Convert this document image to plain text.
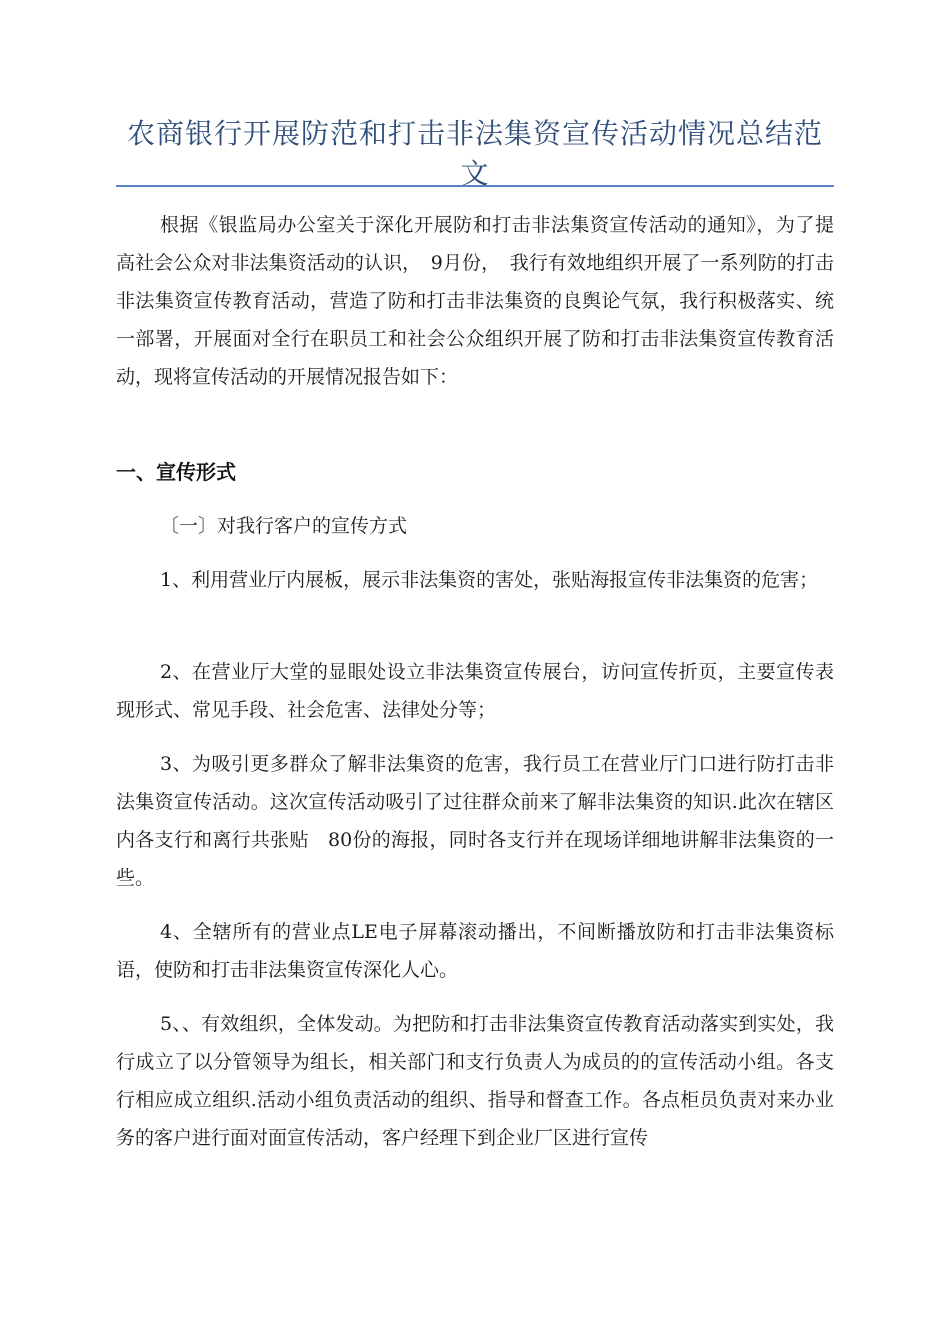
农商银行开展防范和打击非法集资宣传活动情况总结范文

根据《银监局办公室关于深化开展防和打击非法集资宣传活动的通知》，为了提高社会公众对非法集资活动的认识，　9月份，　我行有效地组织开展了一系列防的打击非法集资宣传教育活动，营造了防和打击非法集资的良舆论气氛，我行积极落实、统一部署，开展面对全行在职员工和社会公众组织开展了防和打击非法集资宣传教育活动，现将宣传活动的开展情况报告如下：

一、宣传形式

〔一〕对我行客户的宣传方式

1、利用营业厅内展板，展示非法集资的害处，张贴海报宣传非法集资的危害；

2、在营业厅大堂的显眼处设立非法集资宣传展台，访问宣传折页，主要宣传表现形式、常见手段、社会危害、法律处分等；

3、为吸引更多群众了解非法集资的危害，我行员工在营业厅门口进行防打击非法集资宣传活动。这次宣传活动吸引了过往群众前来了解非法集资的知识.此次在辖区内各支行和离行共张贴　80份的海报，同时各支行并在现场详细地讲解非法集资的一些。

4、全辖所有的营业点LE电子屏幕滚动播出，不间断播放防和打击非法集资标语，使防和打击非法集资宣传深化人心。

5、、有效组织，全体发动。为把防和打击非法集资宣传教育活动落实到实处，我行成立了以分管领导为组长，相关部门和支行负责人为成员的的宣传活动小组。各支行相应成立组织.活动小组负责活动的组织、指导和督查工作。各点柜员负责对来办业务的客户进行面对面宣传活动，客户经理下到企业厂区进行宣传
